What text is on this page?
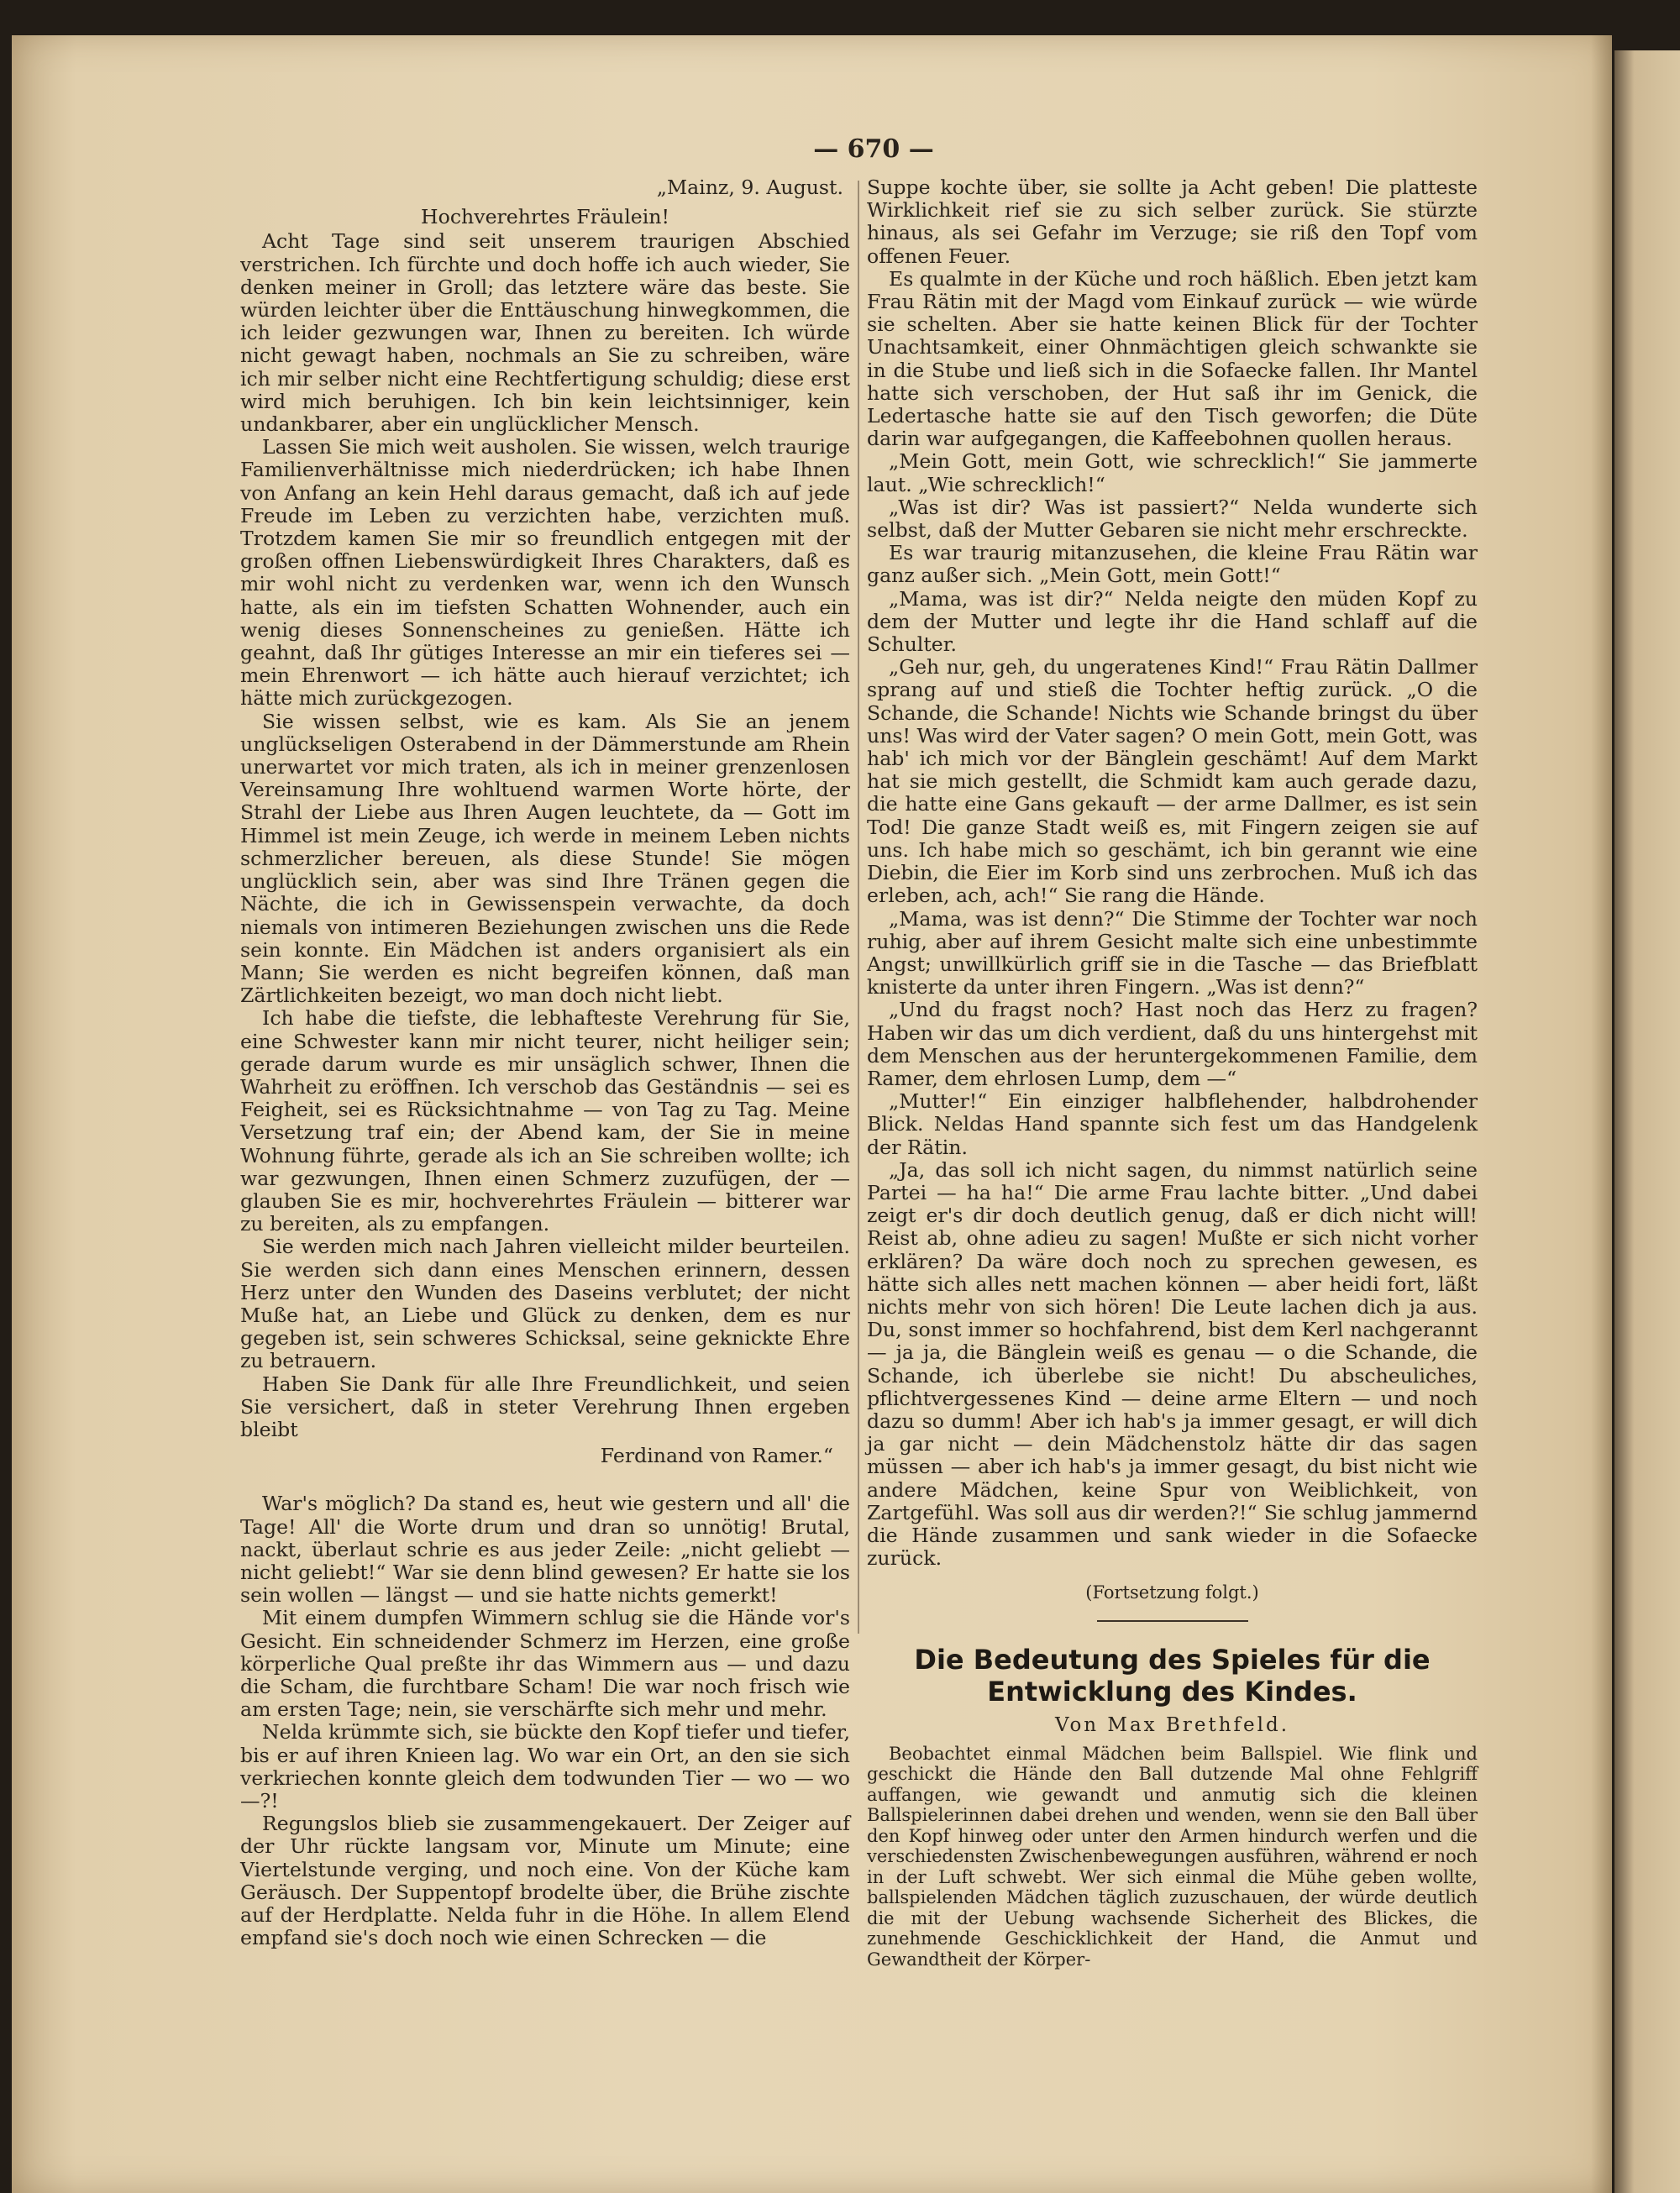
— 670 —
„Mainz, 9. August.
Hochverehrtes Fräulein!

Acht Tage sind seit unserem traurigen Abschied verstrichen. Ich fürchte und doch hoffe ich auch wieder, Sie denken meiner in Groll; das letztere wäre das beste. Sie würden leichter über die Enttäuschung hinwegkommen, die ich leider gezwungen war, Ihnen zu bereiten. Ich würde nicht gewagt haben, nochmals an Sie zu schreiben, wäre ich mir selber nicht eine Rechtfertigung schuldig; diese erst wird mich beruhigen. Ich bin kein leichtsinniger, kein undankbarer, aber ein unglücklicher Mensch.

Lassen Sie mich weit ausholen. Sie wissen, welch traurige Familienverhältnisse mich niederdrücken; ich habe Ihnen von Anfang an kein Hehl daraus gemacht, daß ich auf jede Freude im Leben zu verzichten habe, verzichten muß. Trotzdem kamen Sie mir so freundlich entgegen mit der großen offnen Liebenswürdigkeit Ihres Charakters, daß es mir wohl nicht zu verdenken war, wenn ich den Wunsch hatte, als ein im tiefsten Schatten Wohnender, auch ein wenig dieses Sonnenscheines zu genießen. Hätte ich geahnt, daß Ihr gütiges Interesse an mir ein tieferes sei — mein Ehrenwort — ich hätte auch hierauf verzichtet; ich hätte mich zurückgezogen.

Sie wissen selbst, wie es kam. Als Sie an jenem unglückseligen Osterabend in der Dämmerstunde am Rhein unerwartet vor mich traten, als ich in meiner grenzenlosen Vereinsamung Ihre wohltuend warmen Worte hörte, der Strahl der Liebe aus Ihren Augen leuchtete, da — Gott im Himmel ist mein Zeuge, ich werde in meinem Leben nichts schmerzlicher bereuen, als diese Stunde! Sie mögen unglücklich sein, aber was sind Ihre Tränen gegen die Nächte, die ich in Gewissenspein verwachte, da doch niemals von intimeren Beziehungen zwischen uns die Rede sein konnte. Ein Mädchen ist anders organisiert als ein Mann; Sie werden es nicht begreifen können, daß man Zärtlichkeiten bezeigt, wo man doch nicht liebt.

Ich habe die tiefste, die lebhafteste Verehrung für Sie, eine Schwester kann mir nicht teurer, nicht heiliger sein; gerade darum wurde es mir unsäglich schwer, Ihnen die Wahrheit zu eröffnen. Ich verschob das Geständnis — sei es Feigheit, sei es Rücksichtnahme — von Tag zu Tag. Meine Versetzung traf ein; der Abend kam, der Sie in meine Wohnung führte, gerade als ich an Sie schreiben wollte; ich war gezwungen, Ihnen einen Schmerz zuzufügen, der — glauben Sie es mir, hochverehrtes Fräulein — bitterer war zu bereiten, als zu empfangen.

Sie werden mich nach Jahren vielleicht milder beurteilen. Sie werden sich dann eines Menschen erinnern, dessen Herz unter den Wunden des Daseins verblutet; der nicht Muße hat, an Liebe und Glück zu denken, dem es nur gegeben ist, sein schweres Schicksal, seine geknickte Ehre zu betrauern.

Haben Sie Dank für alle Ihre Freundlichkeit, und seien Sie versichert, daß in steter Verehrung Ihnen ergeben bleibt

Ferdinand von Ramer.“

War's möglich? Da stand es, heut wie gestern und all' die Tage! All' die Worte drum und dran so unnötig! Brutal, nackt, überlaut schrie es aus jeder Zeile: „nicht geliebt — nicht geliebt!“ War sie denn blind gewesen? Er hatte sie los sein wollen — längst — und sie hatte nichts gemerkt!

Mit einem dumpfen Wimmern schlug sie die Hände vor's Gesicht. Ein schneidender Schmerz im Herzen, eine große körperliche Qual preßte ihr das Wimmern aus — und dazu die Scham, die furchtbare Scham! Die war noch frisch wie am ersten Tage; nein, sie verschärfte sich mehr und mehr.

Nelda krümmte sich, sie bückte den Kopf tiefer und tiefer, bis er auf ihren Knieen lag. Wo war ein Ort, an den sie sich verkriechen konnte gleich dem todwunden Tier — wo — wo —?!

Regungslos blieb sie zusammengekauert. Der Zeiger auf der Uhr rückte langsam vor, Minute um Minute; eine Viertelstunde verging, und noch eine. Von der Küche kam Geräusch. Der Suppentopf brodelte über, die Brühe zischte auf der Herdplatte. Nelda fuhr in die Höhe. In allem Elend empfand sie's doch noch wie einen Schrecken — die

Suppe kochte über, sie sollte ja Acht geben! Die platteste Wirklichkeit rief sie zu sich selber zurück. Sie stürzte hinaus, als sei Gefahr im Verzuge; sie riß den Topf vom offenen Feuer.

Es qualmte in der Küche und roch häßlich. Eben jetzt kam Frau Rätin mit der Magd vom Einkauf zurück — wie würde sie schelten. Aber sie hatte keinen Blick für der Tochter Unachtsamkeit, einer Ohnmächtigen gleich schwankte sie in die Stube und ließ sich in die Sofaecke fallen. Ihr Mantel hatte sich verschoben, der Hut saß ihr im Genick, die Ledertasche hatte sie auf den Tisch geworfen; die Düte darin war aufgegangen, die Kaffeebohnen quollen heraus.

„Mein Gott, mein Gott, wie schrecklich!“ Sie jammerte laut. „Wie schrecklich!“

„Was ist dir? Was ist passiert?“ Nelda wunderte sich selbst, daß der Mutter Gebaren sie nicht mehr erschreckte.

Es war traurig mitanzusehen, die kleine Frau Rätin war ganz außer sich. „Mein Gott, mein Gott!“

„Mama, was ist dir?“ Nelda neigte den müden Kopf zu dem der Mutter und legte ihr die Hand schlaff auf die Schulter.

„Geh nur, geh, du ungeratenes Kind!“ Frau Rätin Dallmer sprang auf und stieß die Tochter heftig zurück. „O die Schande, die Schande! Nichts wie Schande bringst du über uns! Was wird der Vater sagen? O mein Gott, mein Gott, was hab' ich mich vor der Bänglein geschämt! Auf dem Markt hat sie mich gestellt, die Schmidt kam auch gerade dazu, die hatte eine Gans gekauft — der arme Dallmer, es ist sein Tod! Die ganze Stadt weiß es, mit Fingern zeigen sie auf uns. Ich habe mich so geschämt, ich bin gerannt wie eine Diebin, die Eier im Korb sind uns zerbrochen. Muß ich das erleben, ach, ach!“ Sie rang die Hände.

„Mama, was ist denn?“ Die Stimme der Tochter war noch ruhig, aber auf ihrem Gesicht malte sich eine unbestimmte Angst; unwillkürlich griff sie in die Tasche — das Briefblatt knisterte da unter ihren Fingern. „Was ist denn?“

„Und du fragst noch? Hast noch das Herz zu fragen? Haben wir das um dich verdient, daß du uns hintergehst mit dem Menschen aus der heruntergekommenen Familie, dem Ramer, dem ehrlosen Lump, dem —“

„Mutter!“ Ein einziger halbflehender, halbdrohender Blick. Neldas Hand spannte sich fest um das Handgelenk der Rätin.

„Ja, das soll ich nicht sagen, du nimmst natürlich seine Partei — ha ha!“ Die arme Frau lachte bitter. „Und dabei zeigt er's dir doch deutlich genug, daß er dich nicht will! Reist ab, ohne adieu zu sagen! Mußte er sich nicht vorher erklären? Da wäre doch noch zu sprechen gewesen, es hätte sich alles nett machen können — aber heidi fort, läßt nichts mehr von sich hören! Die Leute lachen dich ja aus. Du, sonst immer so hochfahrend, bist dem Kerl nachgerannt — ja ja, die Bänglein weiß es genau — o die Schande, die Schande, ich überlebe sie nicht! Du abscheuliches, pflichtvergessenes Kind — deine arme Eltern — und noch dazu so dumm! Aber ich hab's ja immer gesagt, er will dich ja gar nicht — dein Mädchenstolz hätte dir das sagen müssen — aber ich hab's ja immer gesagt, du bist nicht wie andere Mädchen, keine Spur von Weiblichkeit, von Zartgefühl. Was soll aus dir werden?!“ Sie schlug jammernd die Hände zusammen und sank wieder in die Sofaecke zurück.

(Fortsetzung folgt.)
Die Bedeutung des Spieles für die Entwicklung des Kindes.
Von Max Brethfeld.

Beobachtet einmal Mädchen beim Ballspiel. Wie flink und geschickt die Hände den Ball dutzende Mal ohne Fehlgriff auffangen, wie gewandt und anmutig sich die kleinen Ballspielerinnen dabei drehen und wenden, wenn sie den Ball über den Kopf hinweg oder unter den Armen hindurch werfen und die verschiedensten Zwischenbewegungen ausführen, während er noch in der Luft schwebt. Wer sich einmal die Mühe geben wollte, ballspielenden Mädchen täglich zuzuschauen, der würde deutlich die mit der Uebung wachsende Sicherheit des Blickes, die zunehmende Geschicklichkeit der Hand, die Anmut und Gewandtheit der Körper-
